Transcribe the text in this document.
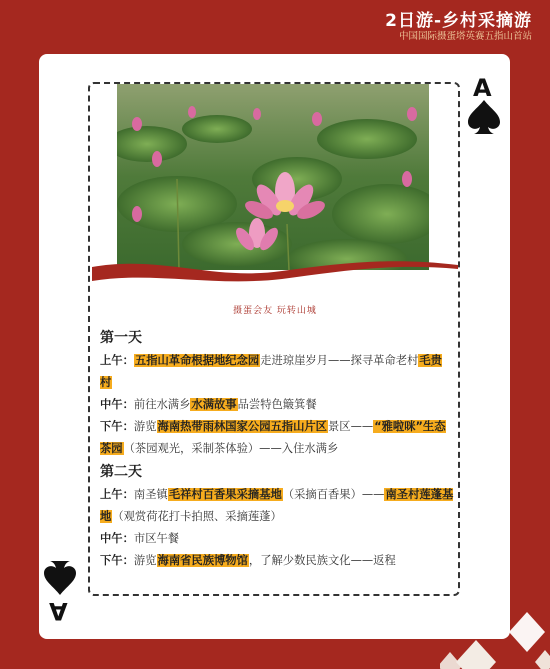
2日游-乡村采摘游
中国国际摄蛋塔英赛五指山首站
A
A
摄蛋会友 玩转山城
第一天
上午：五指山革命根据地纪念园走进琼崖岁月——探寻革命老村毛贵村
中午：前往水满乡水满故事品尝特色簸箕餐
下午：游览海南热带雨林国家公园五指山片区景区——“雅啦咪”生态茶园（茶园观光，采制茶体验）——入住水满乡
第二天
上午：南圣镇毛祥村百香果采摘基地（采摘百香果）——南圣村莲蓬基地（观赏荷花打卡拍照、采摘莲蓬）
中午：市区午餐
下午：游览海南省民族博物馆，了解少数民族文化——返程
